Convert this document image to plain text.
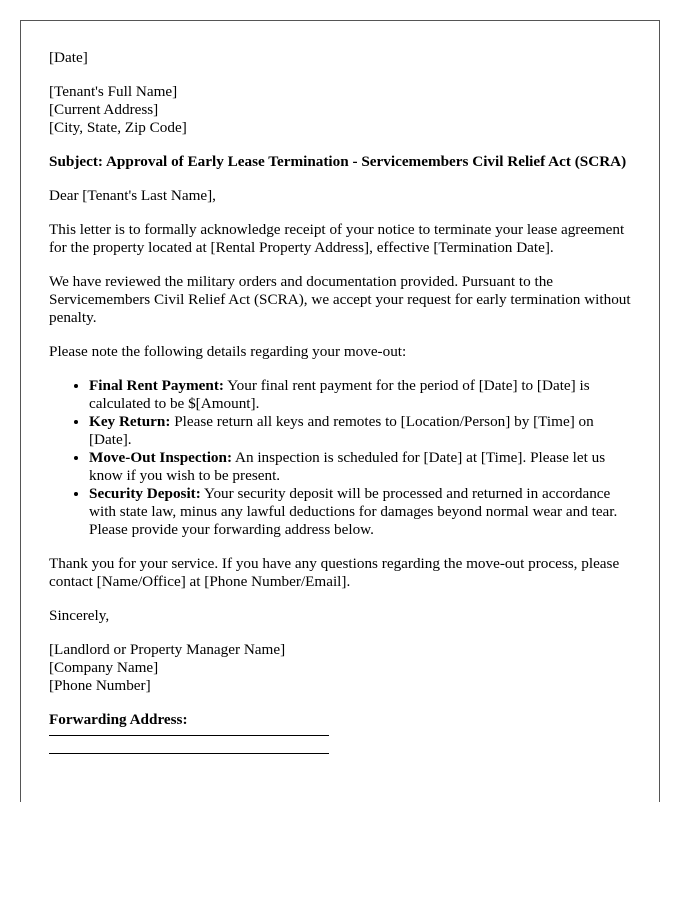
[Date]
[Tenant's Full Name]
[Current Address]
[City, State, Zip Code]
Subject: Approval of Early Lease Termination - Servicemembers Civil Relief Act (SCRA)

Dear [Tenant's Last Name],

This letter is to formally acknowledge receipt of your notice to terminate your lease agreement for the property located at [Rental Property Address], effective [Termination Date].

We have reviewed the military orders and documentation provided. Pursuant to the Servicemembers Civil Relief Act (SCRA), we accept your request for early termination without penalty.

Please note the following details regarding your move-out:

• Final Rent Payment: Your final rent payment for the period of [Date] to [Date] is calculated to be $[Amount].
• Key Return: Please return all keys and remotes to [Location/Person] by [Time] on [Date].
• Move-Out Inspection: An inspection is scheduled for [Date] at [Time]. Please let us know if you wish to be present.
• Security Deposit: Your security deposit will be processed and returned in accordance with state law, minus any lawful deductions for damages beyond normal wear and tear. Please provide your forwarding address below.

Thank you for your service. If you have any questions regarding the move-out process, please contact [Name/Office] at [Phone Number/Email].

Sincerely,

[Landlord or Property Manager Name]
[Company Name]
[Phone Number]
Forwarding Address:
